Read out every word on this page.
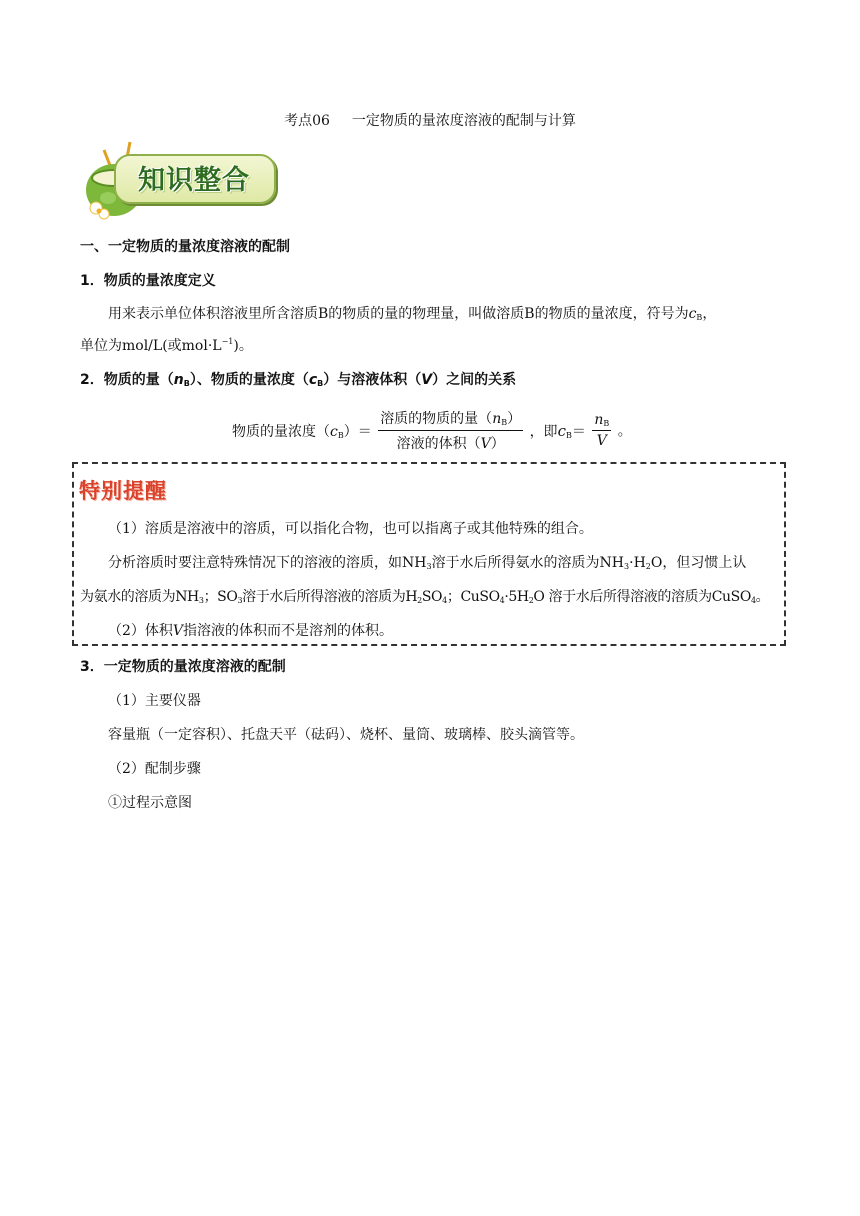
考点06 一定物质的量浓度溶液的配制与计算
知识整合
一、一定物质的量浓度溶液的配制
1．物质的量浓度定义
用来表示单位体积溶液里所含溶质B的物质的量的物理量，叫做溶质B的物质的量浓度，符号为$c_B$，
单位为mol/L(或$mol\cdot L^{-1}$)。
2．物质的量$(n_B)$、物质的量浓度$(c_B)$与溶液体积（V）之间的关系
物质的量浓度$(c_B)= \frac{溶质的物质的量(n_B)}{\text{溶液的体积（V）}}$ ，即$c_B= \frac{n_B}{V}$ 。
特别提醒
（1）溶质是溶液中的溶质，可以指化合物，也可以指离子或其他特殊的组合。
分析溶质时要注意特殊情况下的溶液的溶质，如$NH_3$溶于水后所得氨水的溶质为$NH_3\cdot H_2O$，但习惯上认
为氨水的溶质为$NH_3$；$SO_3$溶于水后所得溶液的溶质为$H_2SO_4$；$CuSO_4\cdot 5H_2O$ 溶于水后所得溶液的溶质为CuSO$_4$。
（2）体积V指溶液的体积而不是溶剂的体积。
3．一定物质的量浓度溶液的配制
（1）主要仪器
容量瓶（一定容积）、托盘天平（砝码）、烧杯、量筒、玻璃棒、胶头滴管等。
（2）配制步骤
①过程示意图
